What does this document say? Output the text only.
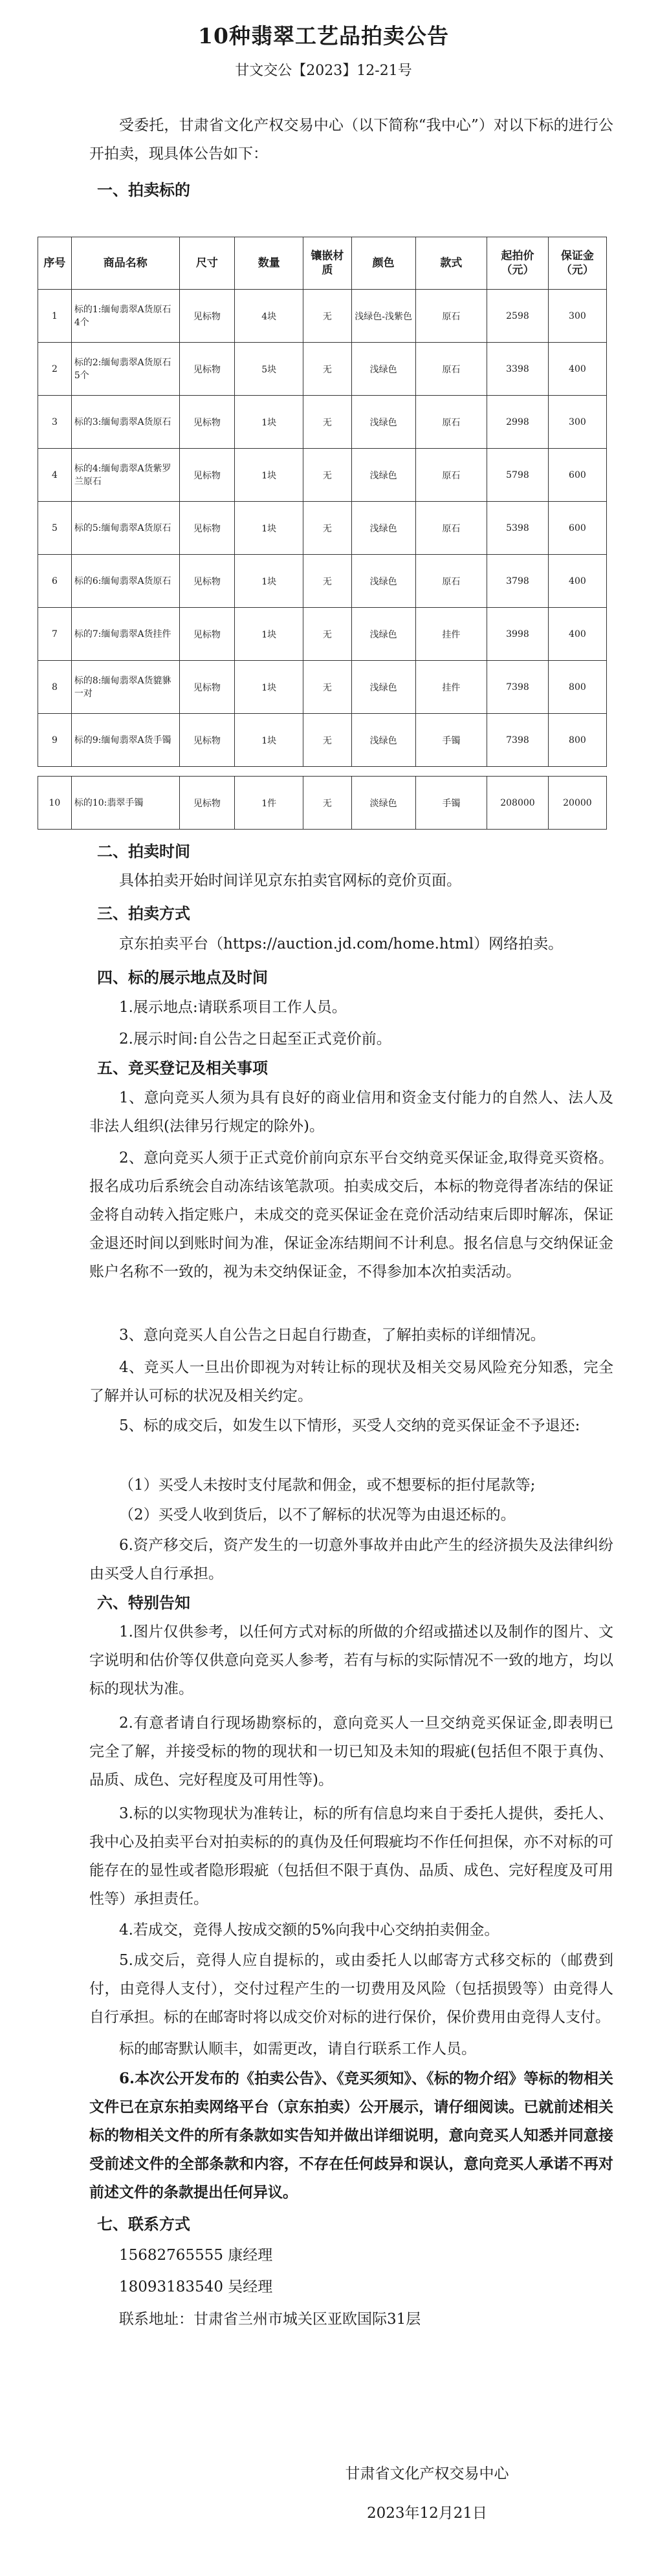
10种翡翠工艺品拍卖公告
甘文交公【2023】12-21号
受委托，甘肃省文化产权交易中心（以下简称“我中心”）对以下标的进行公开拍卖，现具体公告如下：
一、拍卖标的
序号	商品名称	尺寸	数量	镶嵌材质	颜色	款式	起拍价（元）	保证金（元）
1	标的1:缅甸翡翠A货原石4个	见标物	4块	无	浅绿色-浅紫色	原石	2598	300
2	标的2:缅甸翡翠A货原石5个	见标物	5块	无	浅绿色	原石	3398	400
3	标的3:缅甸翡翠A货原石	见标物	1块	无	浅绿色	原石	2998	300
4	标的4:缅甸翡翠A货紫罗兰原石	见标物	1块	无	浅绿色	原石	5798	600
5	标的5:缅甸翡翠A货原石	见标物	1块	无	浅绿色	原石	5398	600
6	标的6:缅甸翡翠A货原石	见标物	1块	无	浅绿色	原石	3798	400
7	标的7:缅甸翡翠A货挂件	见标物	1块	无	浅绿色	挂件	3998	400
8	标的8:缅甸翡翠A货貔貅一对	见标物	1块	无	浅绿色	挂件	7398	800
9	标的9:缅甸翡翠A货手镯	见标物	1块	无	浅绿色	手镯	7398	800

10	标的10:翡翠手镯	见标物	1件	无	淡绿色	手镯	208000	20000
二、拍卖时间
具体拍卖开始时间详见京东拍卖官网标的竞价页面。
三、拍卖方式
京东拍卖平台（https://auction.jd.com/home.html）网络拍卖。
四、标的展示地点及时间
1.展示地点:请联系项目工作人员。
2.展示时间:自公告之日起至正式竞价前。
五、竞买登记及相关事项
1、意向竞买人须为具有良好的商业信用和资金支付能力的自然人、法人及非法人组织(法律另行规定的除外)。
2、意向竞买人须于正式竞价前向京东平台交纳竞买保证金,取得竞买资格。报名成功后系统会自动冻结该笔款项。拍卖成交后，本标的物竞得者冻结的保证金将自动转入指定账户，未成交的竞买保证金在竞价活动结束后即时解冻，保证金退还时间以到账时间为准，保证金冻结期间不计利息。报名信息与交纳保证金账户名称不一致的，视为未交纳保证金，不得参加本次拍卖活动。
3、意向竞买人自公告之日起自行勘查，了解拍卖标的详细情况。
4、竞买人一旦出价即视为对转让标的现状及相关交易风险充分知悉，完全了解并认可标的状况及相关约定。
5、标的成交后，如发生以下情形，买受人交纳的竞买保证金不予退还:
（1）买受人未按时支付尾款和佣金，或不想要标的拒付尾款等;
（2）买受人收到货后，以不了解标的状况等为由退还标的。
6.资产移交后，资产发生的一切意外事故并由此产生的经济损失及法律纠纷由买受人自行承担。
六、特别告知
1.图片仅供参考，以任何方式对标的所做的介绍或描述以及制作的图片、文字说明和估价等仅供意向竞买人参考，若有与标的实际情况不一致的地方，均以标的现状为准。
2.有意者请自行现场勘察标的，意向竞买人一旦交纳竞买保证金,即表明已完全了解，并接受标的物的现状和一切已知及未知的瑕疵(包括但不限于真伪、品质、成色、完好程度及可用性等)。
3.标的以实物现状为准转让，标的所有信息均来自于委托人提供，委托人、我中心及拍卖平台对拍卖标的的真伪及任何瑕疵均不作任何担保，亦不对标的可能存在的显性或者隐形瑕疵（包括但不限于真伪、品质、成色、完好程度及可用性等）承担责任。
4.若成交，竞得人按成交额的5%向我中心交纳拍卖佣金。
5.成交后，竞得人应自提标的，或由委托人以邮寄方式移交标的（邮费到付，由竞得人支付），交付过程产生的一切费用及风险（包括损毁等）由竞得人自行承担。标的在邮寄时将以成交价对标的进行保价，保价费用由竞得人支付。
标的邮寄默认顺丰，如需更改，请自行联系工作人员。
6.本次公开发布的《拍卖公告》、《竞买须知》、《标的物介绍》等标的物相关文件已在京东拍卖网络平台（京东拍卖）公开展示，请仔细阅读。已就前述相关标的物相关文件的所有条款如实告知并做出详细说明，意向竞买人知悉并同意接受前述文件的全部条款和内容，不存在任何歧异和误认，意向竞买人承诺不再对前述文件的条款提出任何异议。
七、联系方式
15682765555 康经理
18093183540 吴经理
联系地址：甘肃省兰州市城关区亚欧国际31层
甘肃省文化产权交易中心
2023年12月21日
